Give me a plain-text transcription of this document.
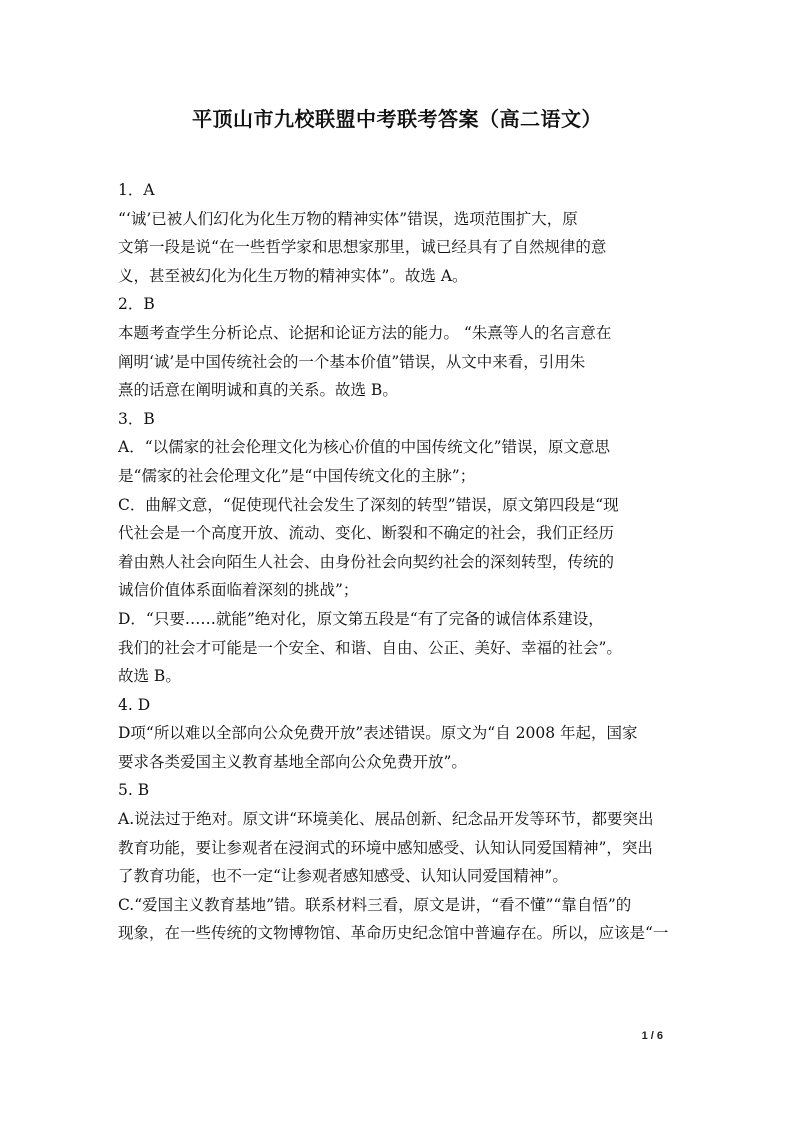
平顶山市九校联盟中考联考答案（高二语文）
1．A
“‘诚’已被人们幻化为化生万物的精神实体”错误，选项范围扩大，原
文第一段是说“在一些哲学家和思想家那里，诚已经具有了自然规律的意
义，甚至被幻化为化生万物的精神实体”。故选 A。
2．B
本题考查学生分析论点、论据和论证方法的能力。 “朱熹等人的名言意在
阐明‘诚’是中国传统社会的一个基本价值”错误，从文中来看，引用朱
熹的话意在阐明诚和真的关系。故选 B。
3．B
A．“以儒家的社会伦理文化为核心价值的中国传统文化”错误，原文意思
是“儒家的社会伦理文化”是“中国传统文化的主脉”；
C．曲解文意，“促使现代社会发生了深刻的转型”错误，原文第四段是“现
代社会是一个高度开放、流动、变化、断裂和不确定的社会，我们正经历
着由熟人社会向陌生人社会、由身份社会向契约社会的深刻转型，传统的
诚信价值体系面临着深刻的挑战”；
D．“只要……就能”绝对化，原文第五段是“有了完备的诚信体系建设，
我们的社会才可能是一个安全、和谐、自由、公正、美好、幸福的社会”。
故选 B。
4. D
D项“所以难以全部向公众免费开放”表述错误。原文为“自 2008 年起，国家
要求各类爱国主义教育基地全部向公众免费开放”。
5. B
A.说法过于绝对。原文讲“环境美化、展品创新、纪念品开发等环节，都要突出
教育功能，要让参观者在浸润式的环境中感知感受、认知认同爱国精神”，突出
了教育功能，也不一定“让参观者感知感受、认知认同爱国精神”。
C.“爱国主义教育基地”错。联系材料三看，原文是讲，“看不懂”“靠自悟”的
现象，在一些传统的文物博物馆、革命历史纪念馆中普遍存在。所以，应该是“一
1 / 6
